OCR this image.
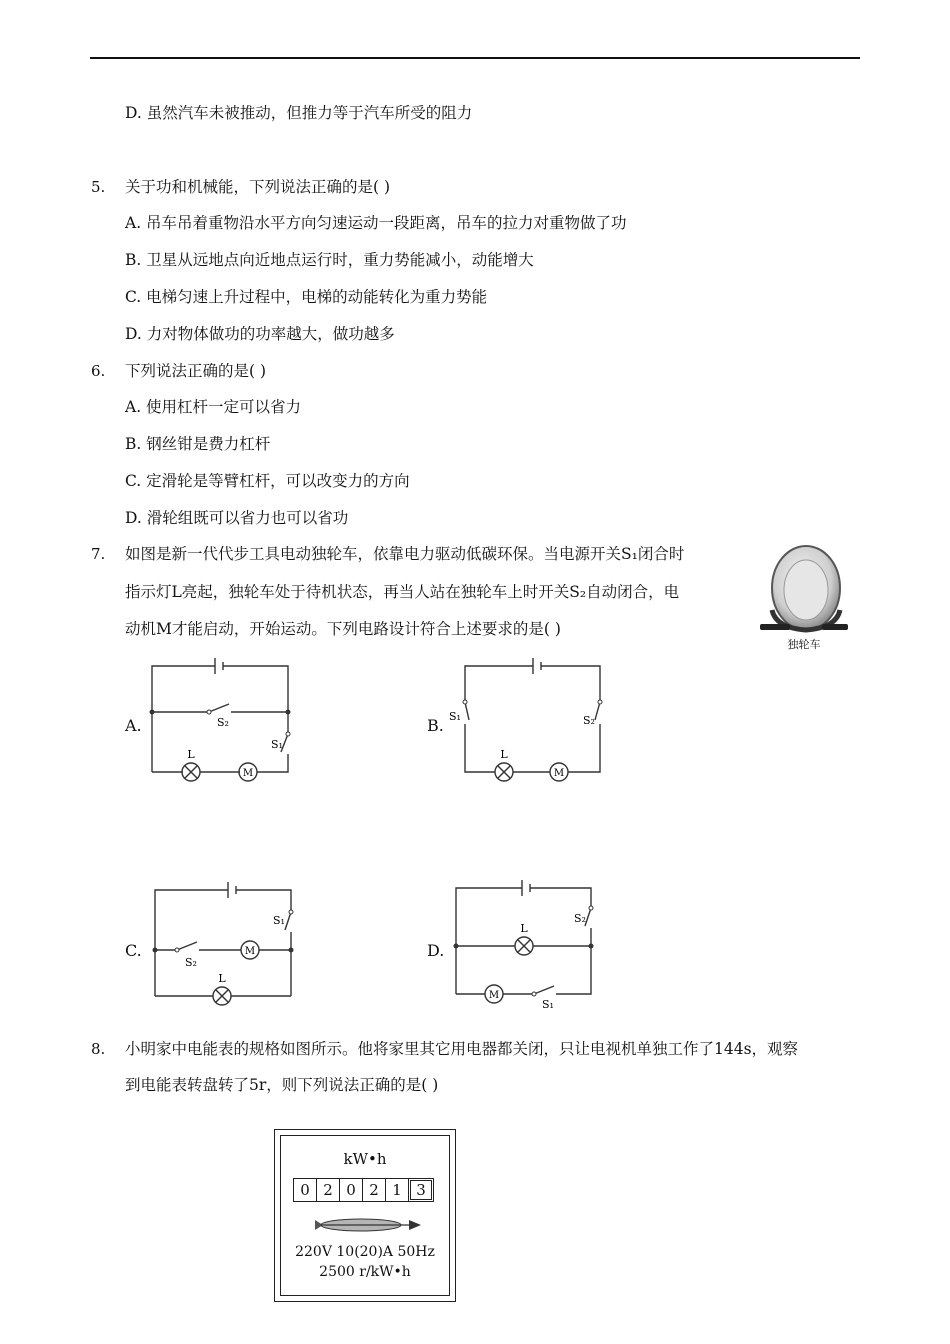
D. 虽然汽车未被推动，但推力等于汽车所受的阻力
5. 关于功和机械能，下列说法正确的是( )
A. 吊车吊着重物沿水平方向匀速运动一段距离，吊车的拉力对重物做了功
B. 卫星从远地点向近地点运行时，重力势能减小，动能增大
C. 电梯匀速上升过程中，电梯的动能转化为重力势能
D. 力对物体做功的功率越大，做功越多
6. 下列说法正确的是( )
A. 使用杠杆一定可以省力
B. 钢丝钳是费力杠杆
C. 定滑轮是等臂杠杆，可以改变力的方向
D. 滑轮组既可以省力也可以省功
7. 如图是新一代代步工具电动独轮车，依靠电力驱动低碳环保。当电源开关S₁闭合时
指示灯L亮起，独轮车处于待机状态，再当人站在独轮车上时开关S₂自动闭合，电
动机M才能启动，开始运动。下列电路设计符合上述要求的是( )
独轮车
A.	B.
C.	D.
M
L
S₂
S₁
M
L
S₁	S₂
M
L
S₂
S₁
M
L
S₂
S₁
8. 小明家中电能表的规格如图所示。他将家里其它用电器都关闭，只让电视机单独工作了144s，观察
到电能表转盘转了5r，则下列说法正确的是( )
kW•h
0 2 0 2 1 3
220V 10(20)A 50Hz
2500 r/kW•h
